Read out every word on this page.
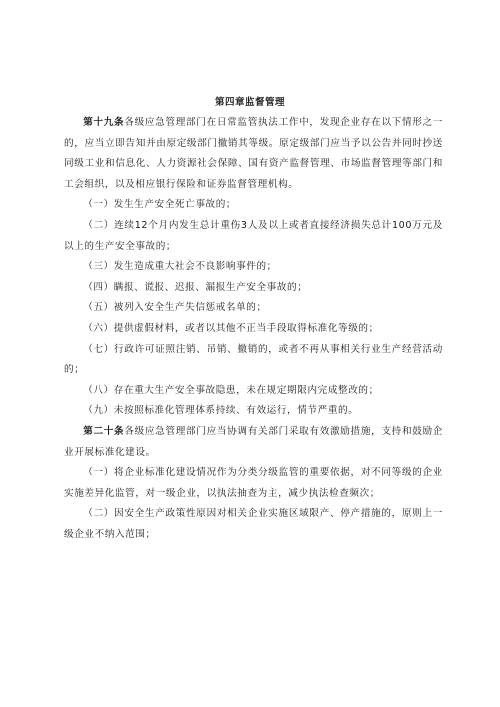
第四章监督管理

第十九条各级应急管理部门在日常监管执法工作中，发现企业存在以下情形之一的，应当立即告知并由原定级部门撤销其等级。原定级部门应当予以公告并同时抄送同级工业和信息化、人力资源社会保障、国有资产监督管理、市场监督管理等部门和工会组织，以及相应银行保险和证券监督管理机构。

（一）发生生产安全死亡事故的；

（二）连续12个月内发生总计重伤3人及以上或者直接经济损失总计100万元及以上的生产安全事故的；

（三）发生造成重大社会不良影响事件的；

（四）瞒报、谎报、迟报、漏报生产安全事故的；

（五）被列入安全生产失信惩戒名单的；

（六）提供虚假材料，或者以其他不正当手段取得标准化等级的；

（七）行政许可证照注销、吊销、撤销的，或者不再从事相关行业生产经营活动的；

（八）存在重大生产安全事故隐患，未在规定期限内完成整改的；

（九）未按照标准化管理体系持续、有效运行，情节严重的。

第二十条各级应急管理部门应当协调有关部门采取有效激励措施，支持和鼓励企业开展标准化建设。

（一）将企业标准化建设情况作为分类分级监管的重要依据，对不同等级的企业实施差异化监管，对一级企业，以执法抽查为主，减少执法检查频次；

（二）因安全生产政策性原因对相关企业实施区域限产、停产措施的，原则上一级企业不纳入范围；
